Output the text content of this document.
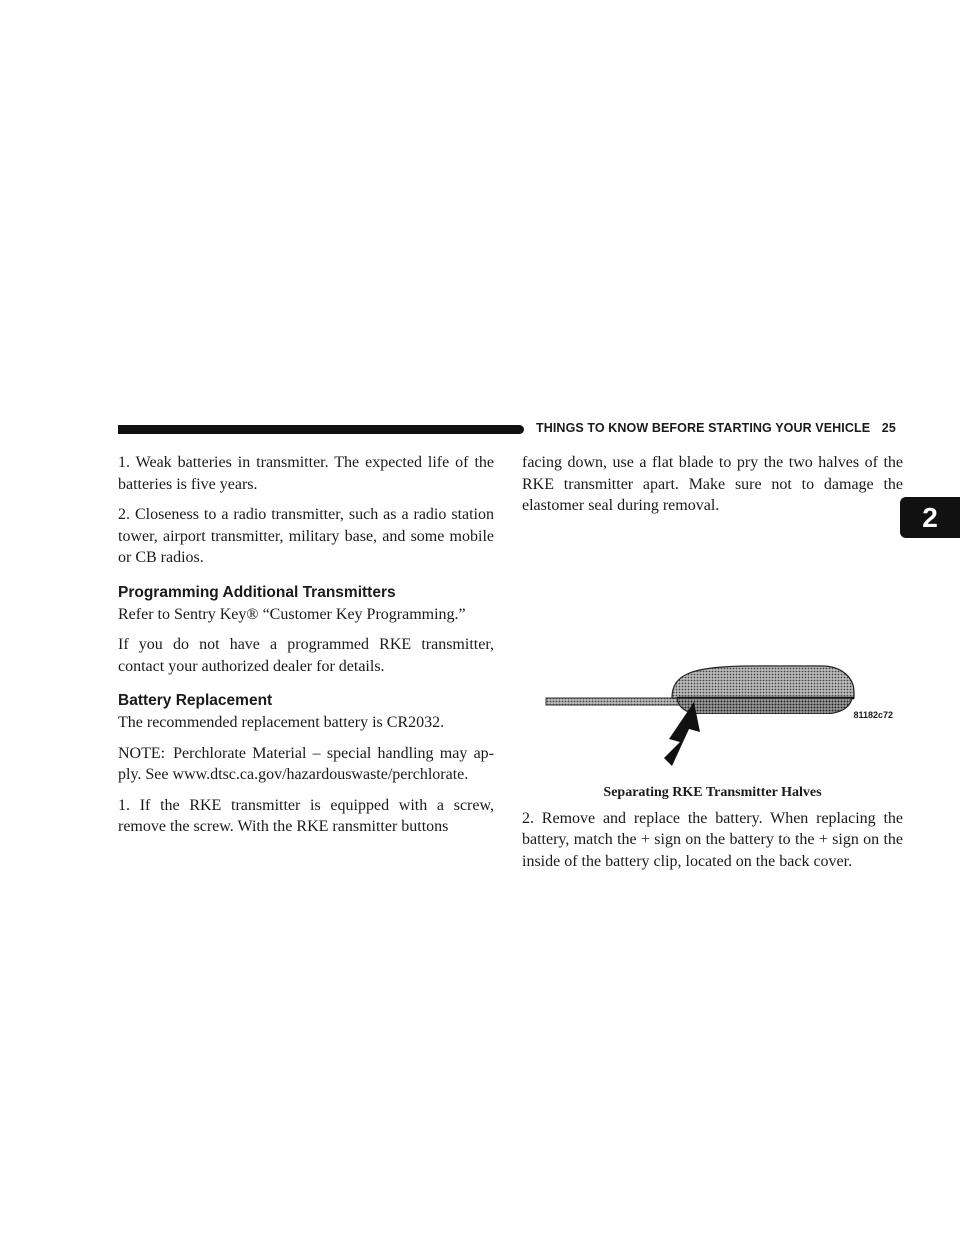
THINGS TO KNOW BEFORE STARTING YOUR VEHICLE 25
2

1. Weak batteries in transmitter. The expected life of the batteries is five years.

2. Closeness to a radio transmitter, such as a radio station tower, airport transmitter, military base, and some mobile or CB radios.

Programming Additional Transmitters

Refer to Sentry Key® “Customer Key Programming.”

If you do not have a programmed RKE transmitter, contact your authorized dealer for details.

Battery Replacement

The recommended replacement battery is CR2032.

NOTE: Perchlorate Material – special handling may ap-ply. See www.dtsc.ca.gov/hazardouswaste/perchlorate.

1. If the RKE transmitter is equipped with a screw, remove the screw. With the RKE ransmitter buttons

facing down, use a flat blade to pry the two halves of the RKE transmitter apart. Make sure not to damage the elastomer seal during removal.

81182c72

Separating RKE Transmitter Halves

2. Remove and replace the battery. When replacing the battery, match the + sign on the battery to the + sign on the inside of the battery clip, located on the back cover.
